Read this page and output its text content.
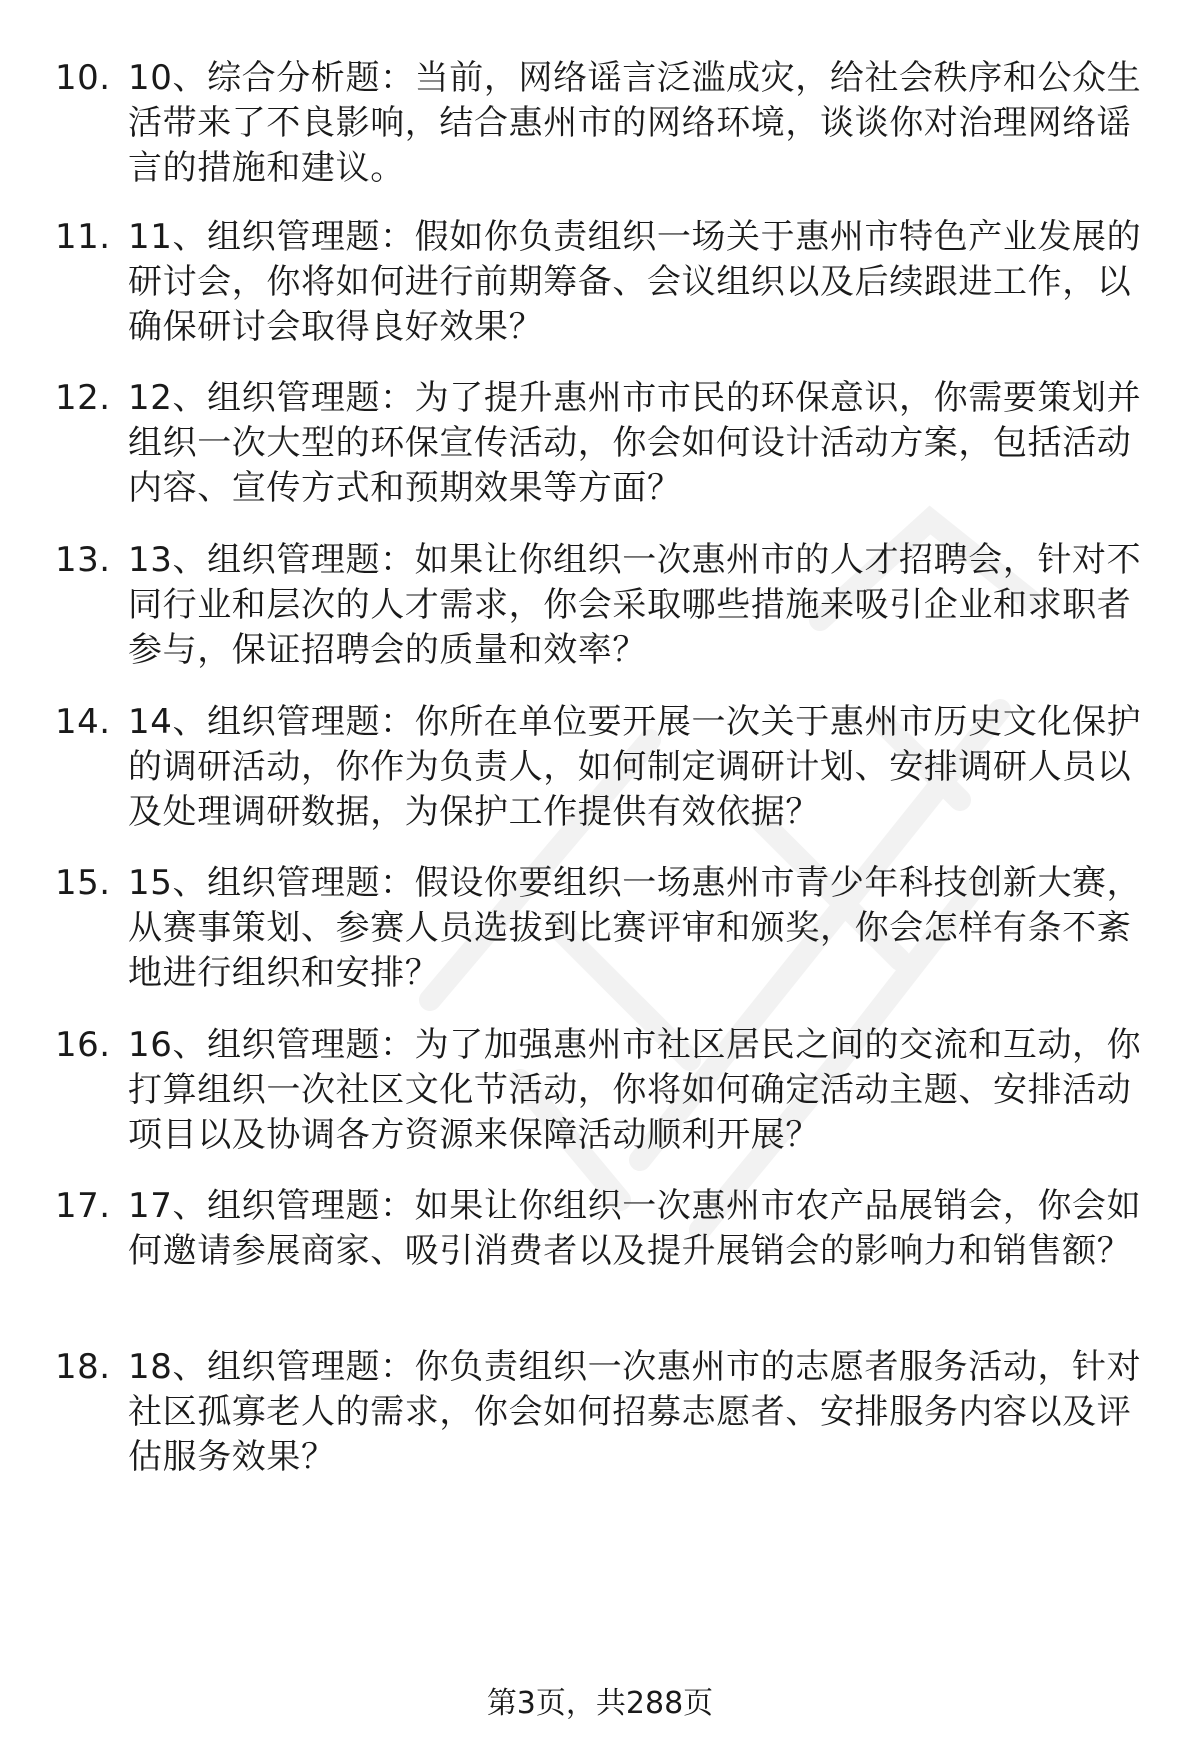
10. 10、综合分析题：当前，网络谣言泛滥成灾，给社会秩序和公众生活带来了不良影响，结合惠州市的网络环境，谈谈你对治理网络谣言的措施和建议。
11. 11、组织管理题：假如你负责组织一场关于惠州市特色产业发展的研讨会，你将如何进行前期筹备、会议组织以及后续跟进工作，以确保研讨会取得良好效果？
12. 12、组织管理题：为了提升惠州市市民的环保意识，你需要策划并组织一次大型的环保宣传活动，你会如何设计活动方案，包括活动内容、宣传方式和预期效果等方面？
13. 13、组织管理题：如果让你组织一次惠州市的人才招聘会，针对不同行业和层次的人才需求，你会采取哪些措施来吸引企业和求职者参与，保证招聘会的质量和效率？
14. 14、组织管理题：你所在单位要开展一次关于惠州市历史文化保护的调研活动，你作为负责人，如何制定调研计划、安排调研人员以及处理调研数据，为保护工作提供有效依据？
15. 15、组织管理题：假设你要组织一场惠州市青少年科技创新大赛，从赛事策划、参赛人员选拔到比赛评审和颁奖，你会怎样有条不紊地进行组织和安排？
16. 16、组织管理题：为了加强惠州市社区居民之间的交流和互动，你打算组织一次社区文化节活动，你将如何确定活动主题、安排活动项目以及协调各方资源来保障活动顺利开展？
17. 17、组织管理题：如果让你组织一次惠州市农产品展销会，你会如何邀请参展商家、吸引消费者以及提升展销会的影响力和销售额？
18. 18、组织管理题：你负责组织一次惠州市的志愿者服务活动，针对社区孤寡老人的需求，你会如何招募志愿者、安排服务内容以及评估服务效果？
第3页，共288页
